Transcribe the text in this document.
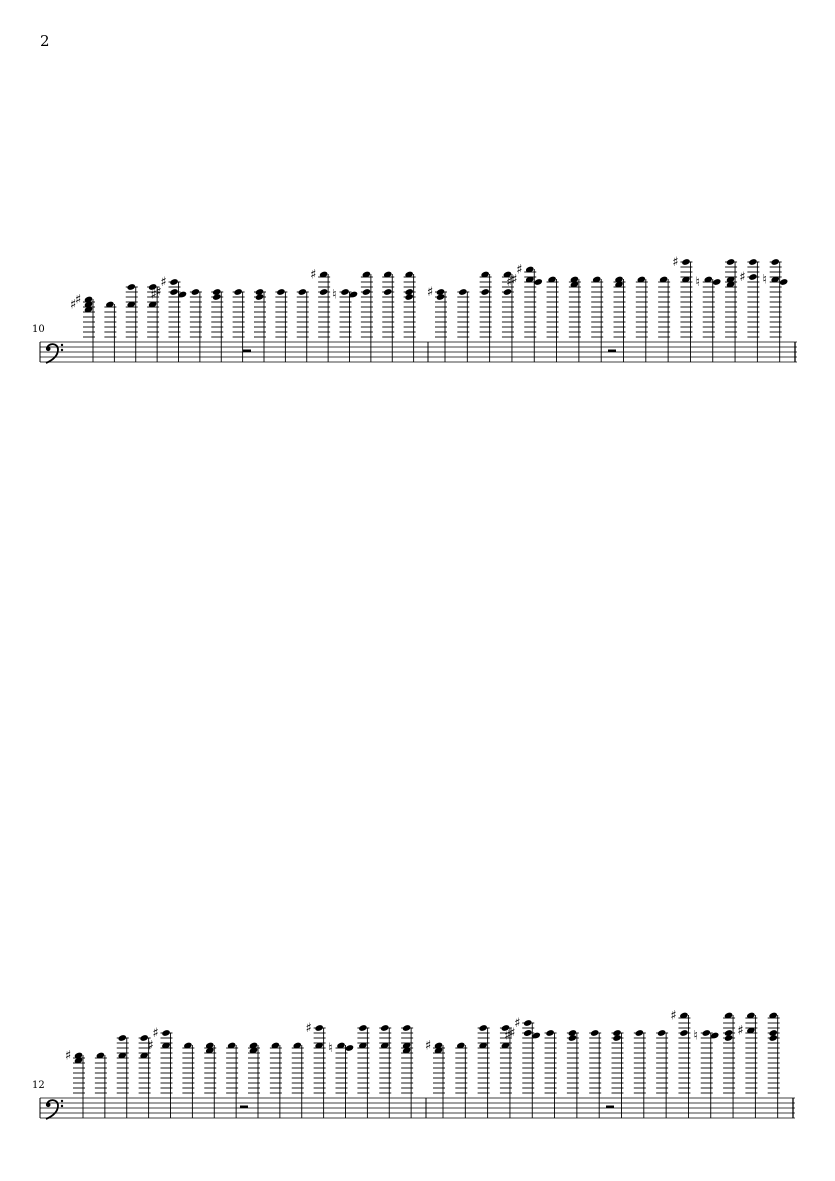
2
10
♯
♯
♯
♯
♯
♯
♮	♯
♯
♯
♯
♯
♮	♯ ♮
12
♯
♯
♯
♯
♮	♯
♯
♯
♯
♯
♮	♯
